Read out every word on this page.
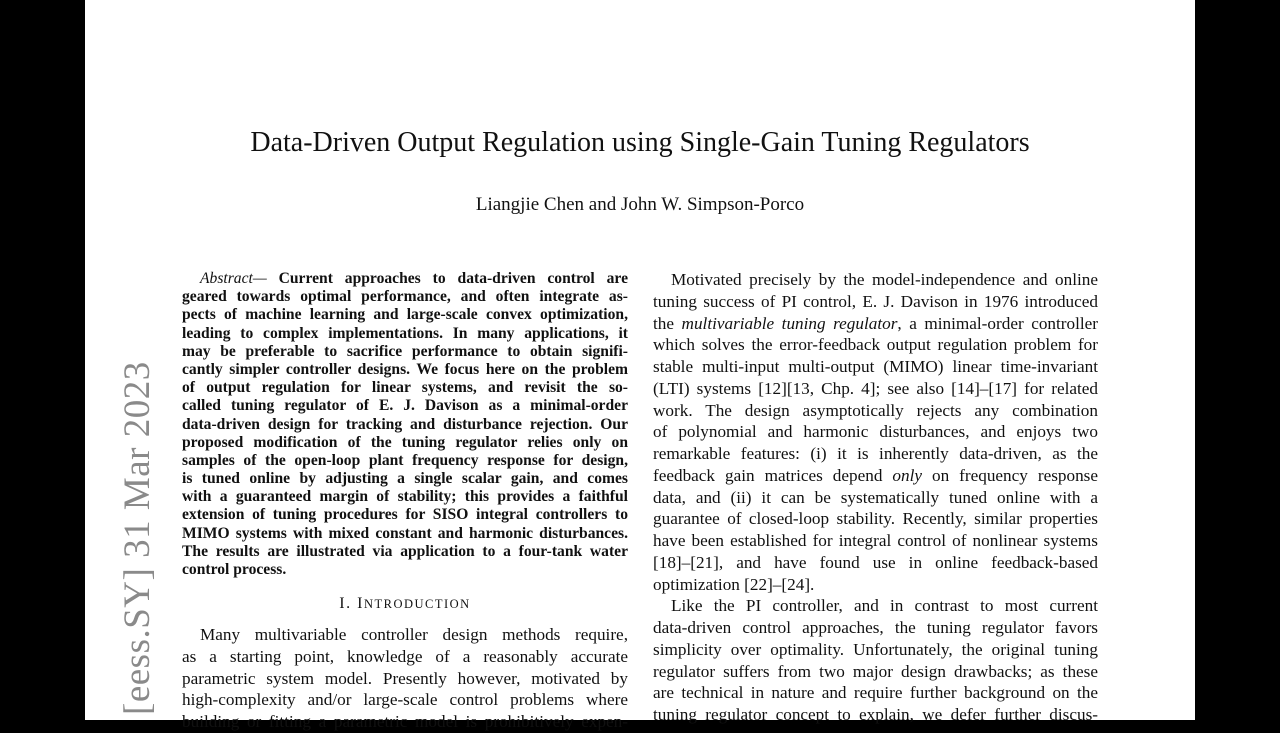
Data-Driven Output Regulation using Single-Gain Tuning Regulators
Liangjie Chen and John W. Simpson-Porco
Abstract— Current approaches to data-driven control are
geared towards optimal performance, and often integrate as-
pects of machine learning and large-scale convex optimization,
leading to complex implementations. In many applications, it
may be preferable to sacrifice performance to obtain signifi-
cantly simpler controller designs. We focus here on the problem
of output regulation for linear systems, and revisit the so-
called tuning regulator of E. J. Davison as a minimal-order
data-driven design for tracking and disturbance rejection. Our
proposed modification of the tuning regulator relies only on
samples of the open-loop plant frequency response for design,
is tuned online by adjusting a single scalar gain, and comes
with a guaranteed margin of stability; this provides a faithful
extension of tuning procedures for SISO integral controllers to
MIMO systems with mixed constant and harmonic disturbances.
The results are illustrated via application to a four-tank water
control process.
I. INTRODUCTION
Many multivariable controller design methods require,
as a starting point, knowledge of a reasonably accurate
parametric system model. Presently however, motivated by
high-complexity and/or large-scale control problems where
building or fitting a parametric model is prohibitively expen-
Motivated precisely by the model-independence and online
tuning success of PI control, E. J. Davison in 1976 introduced
the multivariable tuning regulator, a minimal-order controller
which solves the error-feedback output regulation problem for
stable multi-input multi-output (MIMO) linear time-invariant
(LTI) systems [12][13, Chp. 4]; see also [14]–[17] for related
work. The design asymptotically rejects any combination
of polynomial and harmonic disturbances, and enjoys two
remarkable features: (i) it is inherently data-driven, as the
feedback gain matrices depend only on frequency response
data, and (ii) it can be systematically tuned online with a
guarantee of closed-loop stability. Recently, similar properties
have been established for integral control of nonlinear systems
[18]–[21], and have found use in online feedback-based
optimization [22]–[24].
Like the PI controller, and in contrast to most current
data-driven control approaches, the tuning regulator favors
simplicity over optimality. Unfortunately, the original tuning
regulator suffers from two major design drawbacks; as these
are technical in nature and require further background on the
tuning regulator concept to explain, we defer further discus-
[eess.SY] 31 Mar 2023
